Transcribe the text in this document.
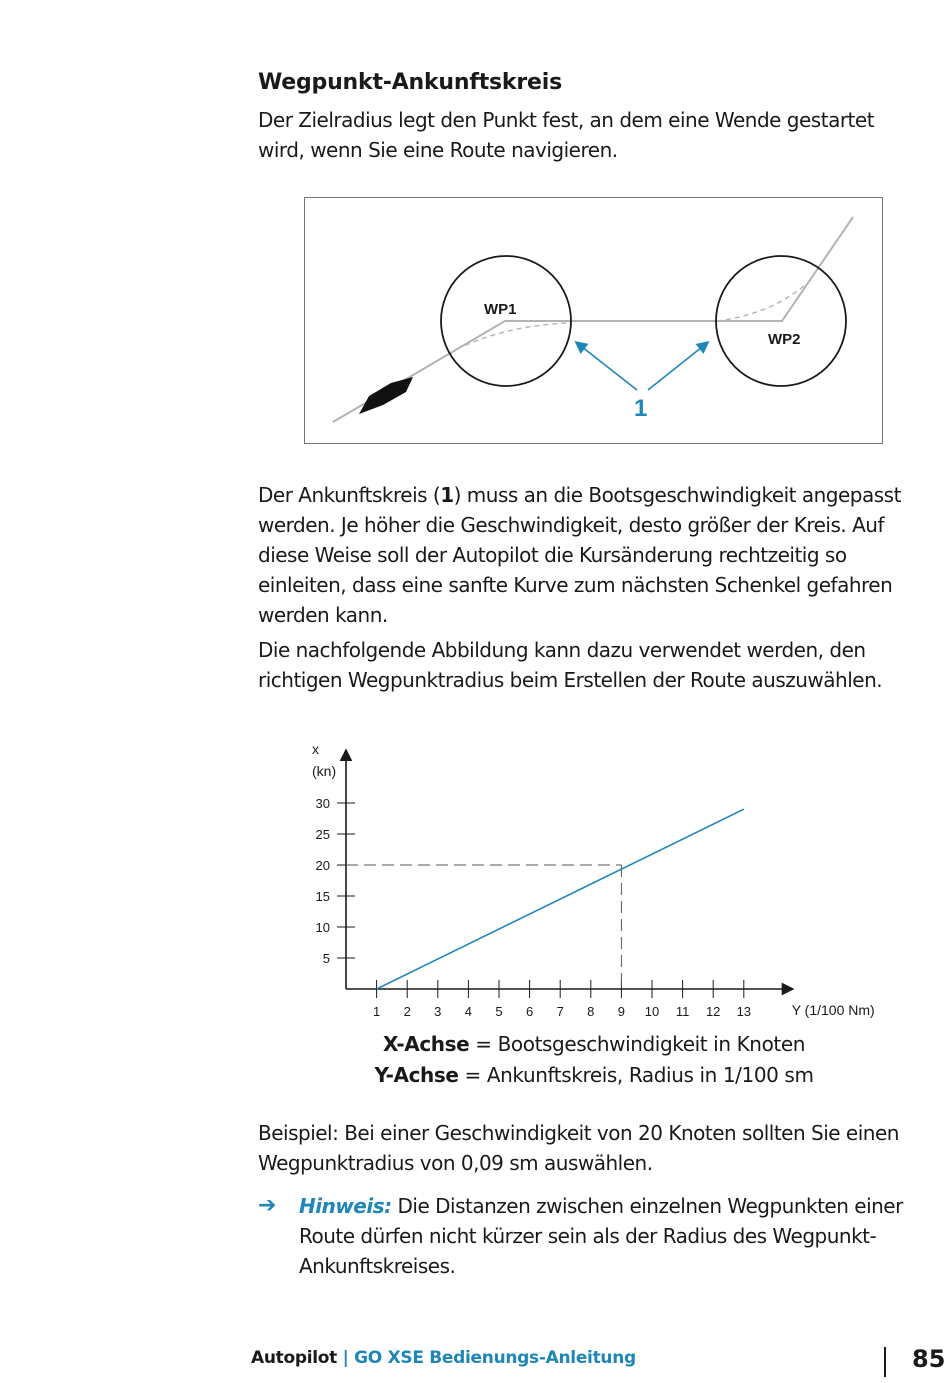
Wegpunkt-Ankunftskreis

Der Zielradius legt den Punkt fest, an dem eine Wende gestartet wird, wenn Sie eine Route navigieren.

WP1
WP2
1

Der Ankunftskreis (1) muss an die Bootsgeschwindigkeit angepasst werden. Je höher die Geschwindigkeit, desto größer der Kreis. Auf diese Weise soll der Autopilot die Kursänderung rechtzeitig so einleiten, dass eine sanfte Kurve zum nächsten Schenkel gefahren werden kann.

Die nachfolgende Abbildung kann dazu verwendet werden, den richtigen Wegpunktradius beim Erstellen der Route auszuwählen.

1 2 3 4 5 6 7 8 9 10 11 12 13
5
10
15
20
25
30
x
(kn)
Y (1/100 Nm)

X-Achse = Bootsgeschwindigkeit in Knoten

Y-Achse = Ankunftskreis, Radius in 1/100 sm

Beispiel: Bei einer Geschwindigkeit von 20 Knoten sollten Sie einen Wegpunktradius von 0,09 sm auswählen.

➔ Hinweis: Die Distanzen zwischen einzelnen Wegpunkten einer Route dürfen nicht kürzer sein als der Radius des Wegpunkt-Ankunftskreises.

Autopilot | GO XSE Bedienungs-Anleitung	85
